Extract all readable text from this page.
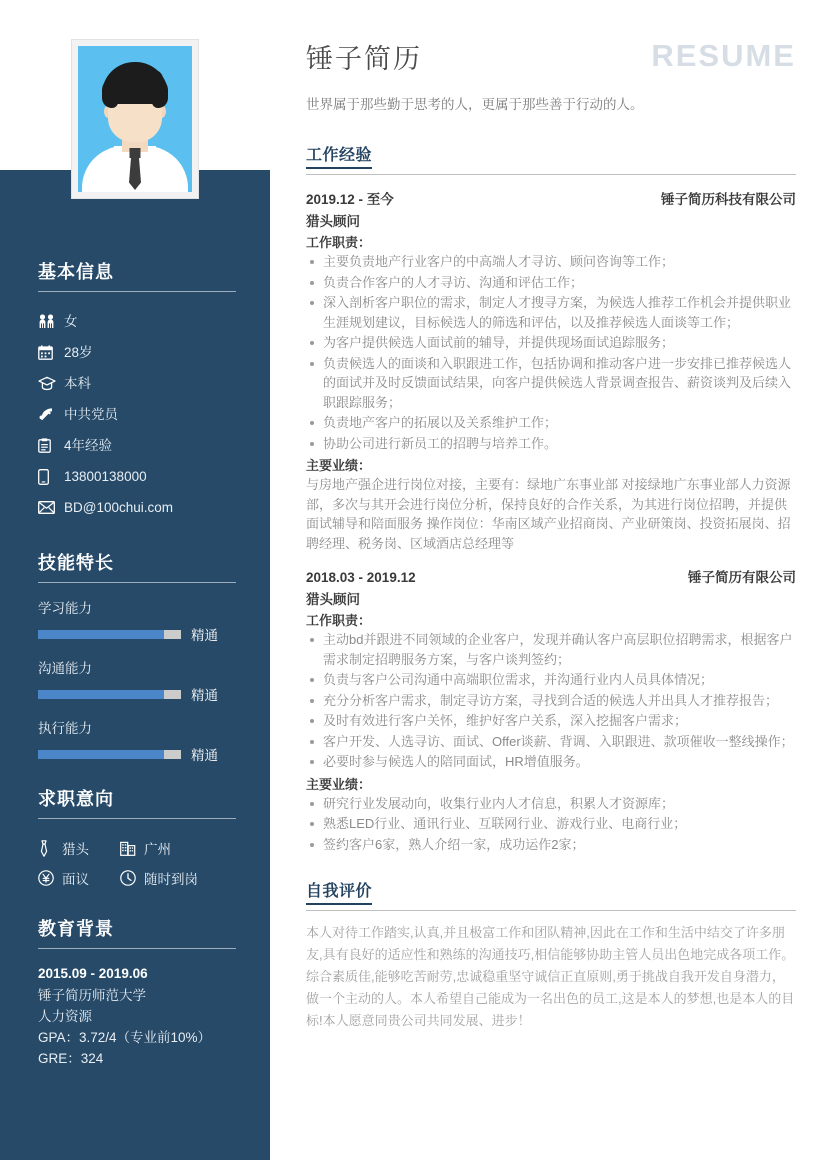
基本信息
女
28岁
本科
中共党员
4年经验
13800138000
BD@100chui.com
技能特长
学习能力
精通
沟通能力
精通
执行能力
精通
求职意向
猎头	广州
面议	随时到岗
教育背景
2015.09 - 2019.06
锤子简历师范大学
人力资源
GPA：3.72/4（专业前10%）
GRE：324
锤子简历	RESUME
世界属于那些勤于思考的人，更属于那些善于行动的人。
工作经验
2019.12 - 至今	锤子简历科技有限公司
猎头顾问
工作职责：
主要负责地产行业客户的中高端人才寻访、顾问咨询等工作；
负责合作客户的人才寻访、沟通和评估工作；
深入剖析客户职位的需求，制定人才搜寻方案，为候选人推荐工作机会并提供职业生涯规划建议，目标候选人的筛选和评估，以及推荐候选人面谈等工作；
为客户提供候选人面试前的辅导，并提供现场面试追踪服务；
负责候选人的面谈和入职跟进工作，包括协调和推动客户进一步安排已推荐候选人的面试并及时反馈面试结果，向客户提供候选人背景调查报告、薪资谈判及后续入职跟踪服务；
负责地产客户的拓展以及关系维护工作；
协助公司进行新员工的招聘与培养工作。
主要业绩：
与房地产强企进行岗位对接，主要有：绿地广东事业部 对接绿地广东事业部人力资源部，多次与其开会进行岗位分析，保持良好的合作关系，为其进行岗位招聘，并提供面试辅导和陪面服务 操作岗位：华南区域产业招商岗、产业研策岗、投资拓展岗、招聘经理、税务岗、区域酒店总经理等
2018.03 - 2019.12	锤子简历有限公司
猎头顾问
工作职责：
主动bd并跟进不同领域的企业客户，发现并确认客户高层职位招聘需求，根据客户需求制定招聘服务方案，与客户谈判签约；
负责与客户公司沟通中高端职位需求，并沟通行业内人员具体情况；
充分分析客户需求，制定寻访方案，寻找到合适的候选人并出具人才推荐报告；
及时有效进行客户关怀，维护好客户关系，深入挖掘客户需求；
客户开发、人选寻访、面试、Offer谈薪、背调、入职跟进、款项催收一整线操作；
必要时参与候选人的陪同面试，HR增值服务。
主要业绩：
研究行业发展动向，收集行业内人才信息，积累人才资源库；
熟悉LED行业、通讯行业、互联网行业、游戏行业、电商行业；
签约客户6家，熟人介绍一家，成功运作2家；
自我评价
本人对待工作踏实,认真,并且极富工作和团队精神,因此在工作和生活中结交了许多朋友,具有良好的适应性和熟练的沟通技巧,相信能够协助主管人员出色地完成各项工作。综合素质佳,能够吃苦耐劳,忠诚稳重坚守诚信正直原则,勇于挑战自我开发自身潜力，做一个主动的人。本人希望自己能成为一名出色的员工,这是本人的梦想,也是本人的目标!本人愿意同贵公司共同发展、进步！
